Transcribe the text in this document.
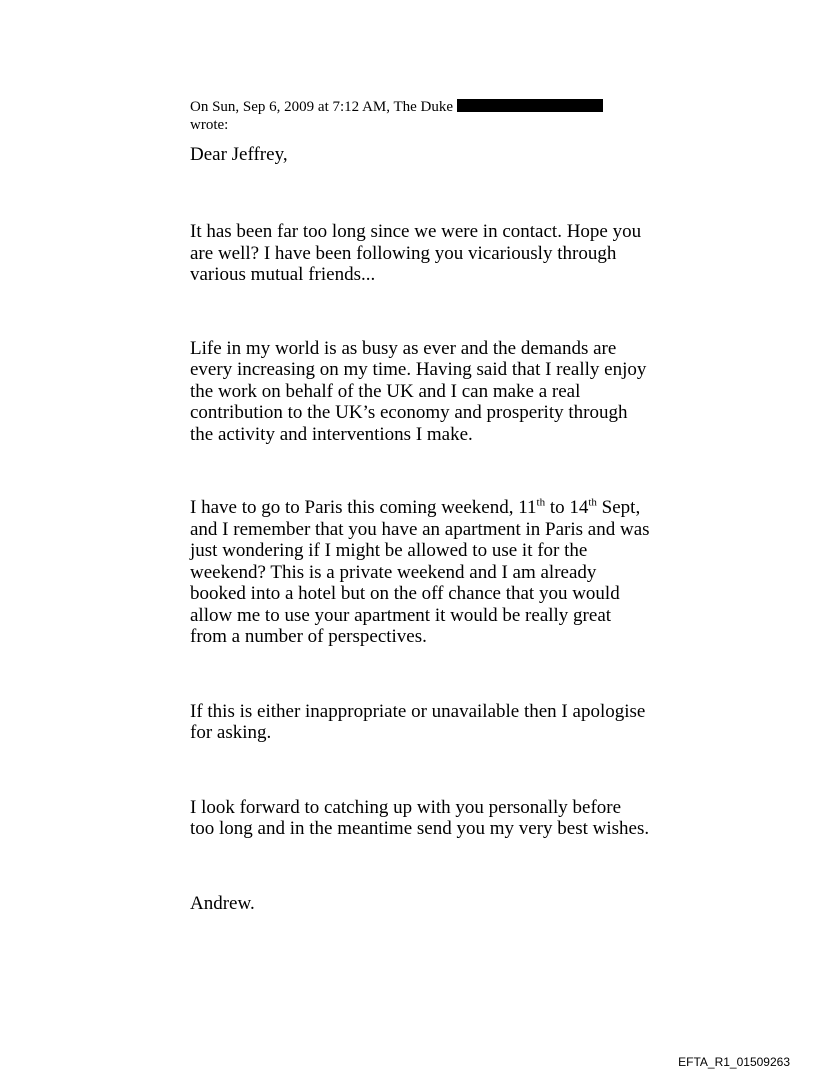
On Sun, Sep 6, 2009 at 7:12 AM, The Duke
wrote:

Dear Jeffrey,

It has been far too long since we were in contact. Hope you are well? I have been following you vicariously through various mutual friends...

Life in my world is as busy as ever and the demands are every increasing on my time. Having said that I really enjoy the work on behalf of the UK and I can make a real contribution to the UK’s economy and prosperity through the activity and interventions I make.

I have to go to Paris this coming weekend, 11th to 14th Sept, and I remember that you have an apartment in Paris and was just wondering if I might be allowed to use it for the weekend? This is a private weekend and I am already booked into a hotel but on the off chance that you would allow me to use your apartment it would be really great from a number of perspectives.

If this is either inappropriate or unavailable then I apologise for asking.

I look forward to catching up with you personally before too long and in the meantime send you my very best wishes.

Andrew.

EFTA_R1_01509263
